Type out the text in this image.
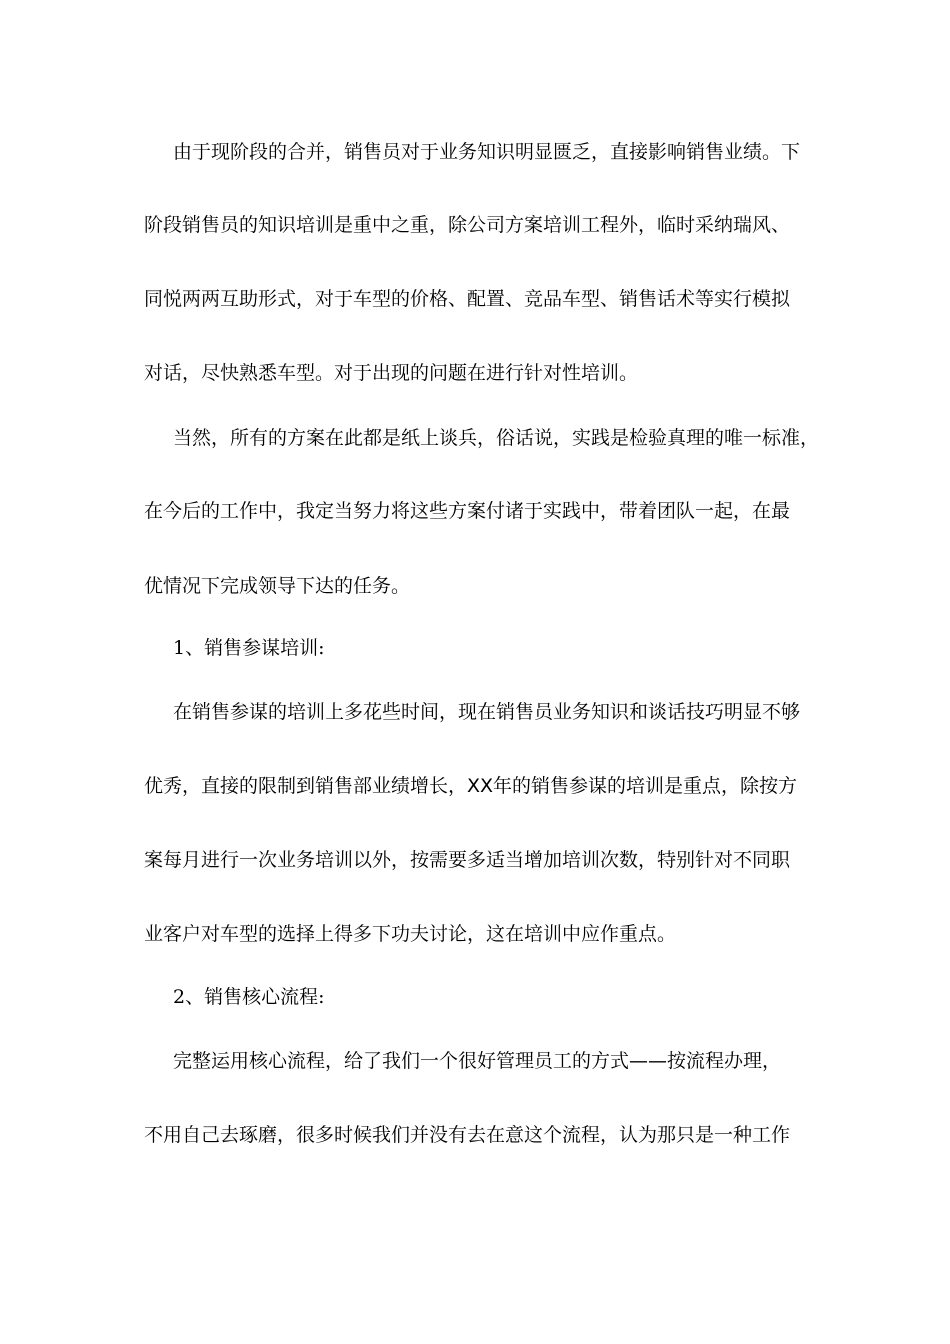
由于现阶段的合并，销售员对于业务知识明显匮乏，直接影响销售业绩。下
阶段销售员的知识培训是重中之重，除公司方案培训工程外，临时采纳瑞风、
同悦两两互助形式，对于车型的价格、配置、竞品车型、销售话术等实行模拟
对话，尽快熟悉车型。对于出现的问题在进行针对性培训。
当然，所有的方案在此都是纸上谈兵，俗话说，实践是检验真理的唯一标准，
在今后的工作中，我定当努力将这些方案付诸于实践中，带着团队一起，在最
优情况下完成领导下达的任务。
1、销售参谋培训:
在销售参谋的培训上多花些时间，现在销售员业务知识和谈话技巧明显不够
优秀，直接的限制到销售部业绩增长，XX年的销售参谋的培训是重点，除按方
案每月进行一次业务培训以外，按需要多适当增加培训次数，特别针对不同职
业客户对车型的选择上得多下功夫讨论，这在培训中应作重点。
2、销售核心流程:
完整运用核心流程，给了我们一个很好管理员工的方式——按流程办理，
不用自己去琢磨，很多时候我们并没有去在意这个流程，认为那只是一种工作
